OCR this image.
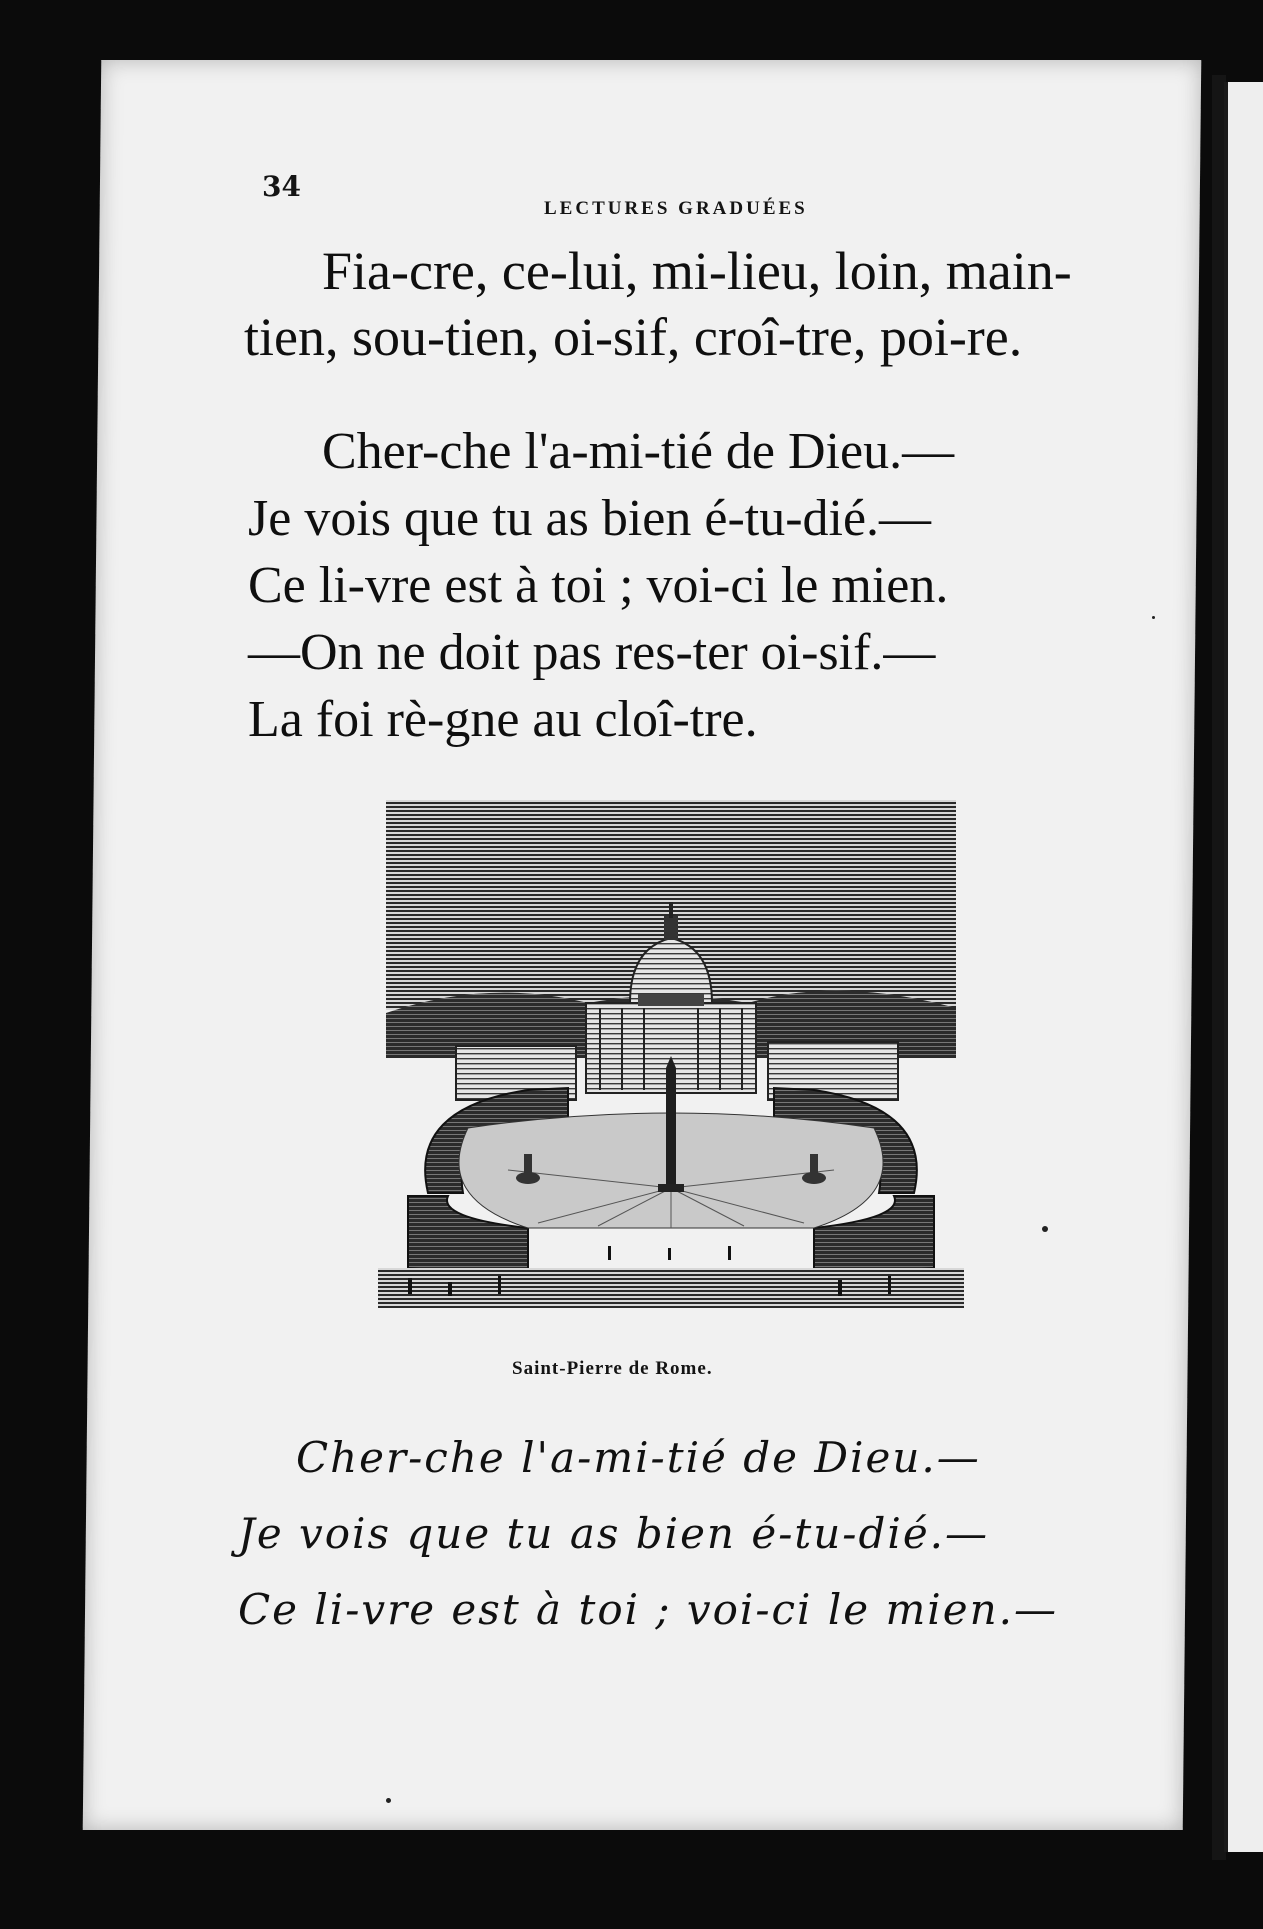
34
LECTURES GRADUÉES
Fia-cre, ce-lui, mi-lieu, loin, main-
tien, sou-tien, oi-sif, croî-tre, poi-re.
Cher-che l'a-mi-tié de Dieu.—
Je vois que tu as bien é-tu-dié.—
Ce li-vre est à toi ; voi-ci le mien.
—On ne doit pas res-ter oi-sif.—
La foi rè-gne au cloî-tre.
Saint-Pierre de Rome.
Cher-che l'a-mi-tié de Dieu.—
Je vois que tu as bien é-tu-dié.—
Ce li-vre est à toi ; voi-ci le mien.—
